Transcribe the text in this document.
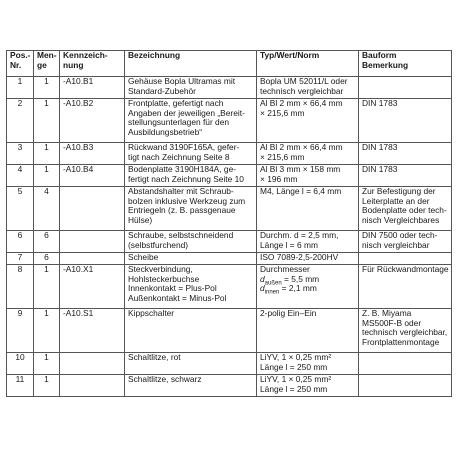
Pos.-
Nr.	Men-
ge	Kennzeich-
nung	Bezeichnung	Typ/Wert/Norm	Bauform
Bemerkung

1	1	-A10.B1	Gehäuse Bopla Ultramas mit
Standard-Zubehör	Bopla UM 52011/L oder
technisch vergleichbar	

2	1	-A10.B2	Frontplatte, gefertigt nach
Angaben der jeweiligen „Bereit-
stellungsunterlagen für den
Ausbildungsbetrieb“	Al Bl 2 mm × 66,4 mm
× 215,6 mm	DIN 1783

3	1	-A10.B3	Rückwand 3190F165A, gefer-
tigt nach Zeichnung Seite 8	Al Bl 2 mm × 66,4 mm
× 215,6 mm	DIN 1783

4	1	-A10.B4	Bodenplatte 3190H184A, ge-
fertigt nach Zeichnung Seite 10	Al Bl 3 mm × 158 mm
× 196 mm	DIN 1783

5	4		Abstandshalter mit Schraub-
bolzen inklusive Werkzeug zum
Entriegeln (z. B. passgenaue
Hülse)	M4, Länge l = 6,4 mm	Zur Befestigung der
Leiterplatte an der
Bodenplatte oder tech-
nisch Vergleichbares

6	6		Schraube, selbstschneidend
(selbstfurchend)	Durchm. d = 2,5 mm,
Länge l = 6 mm	DIN 7500 oder tech-
nisch vergleichbar

7	6		Scheibe	ISO 7089-2,5-200HV	

8	1	-A10.X1	Steckverbindung,
Hohlsteckerbuchse
Innenkontakt = Plus-Pol
Außenkontakt = Minus-Pol	Durchmesser
$d_{außen} = 5,5$ mm
$d_{innen} = 2,1$ mm	Für Rückwandmontage

9	1	-A10.S1	Kippschalter	2-polig Ein–Ein	Z. B. Miyama
MS500F-B oder
technisch vergleichbar,
Frontplattenmontage

10	1		Schaltlitze, rot	LiYV, 1 × 0,25 mm²
Länge l = 250 mm	

11	1		Schaltlitze, schwarz	LiYV, 1 × 0,25 mm²
Länge l = 250 mm	
